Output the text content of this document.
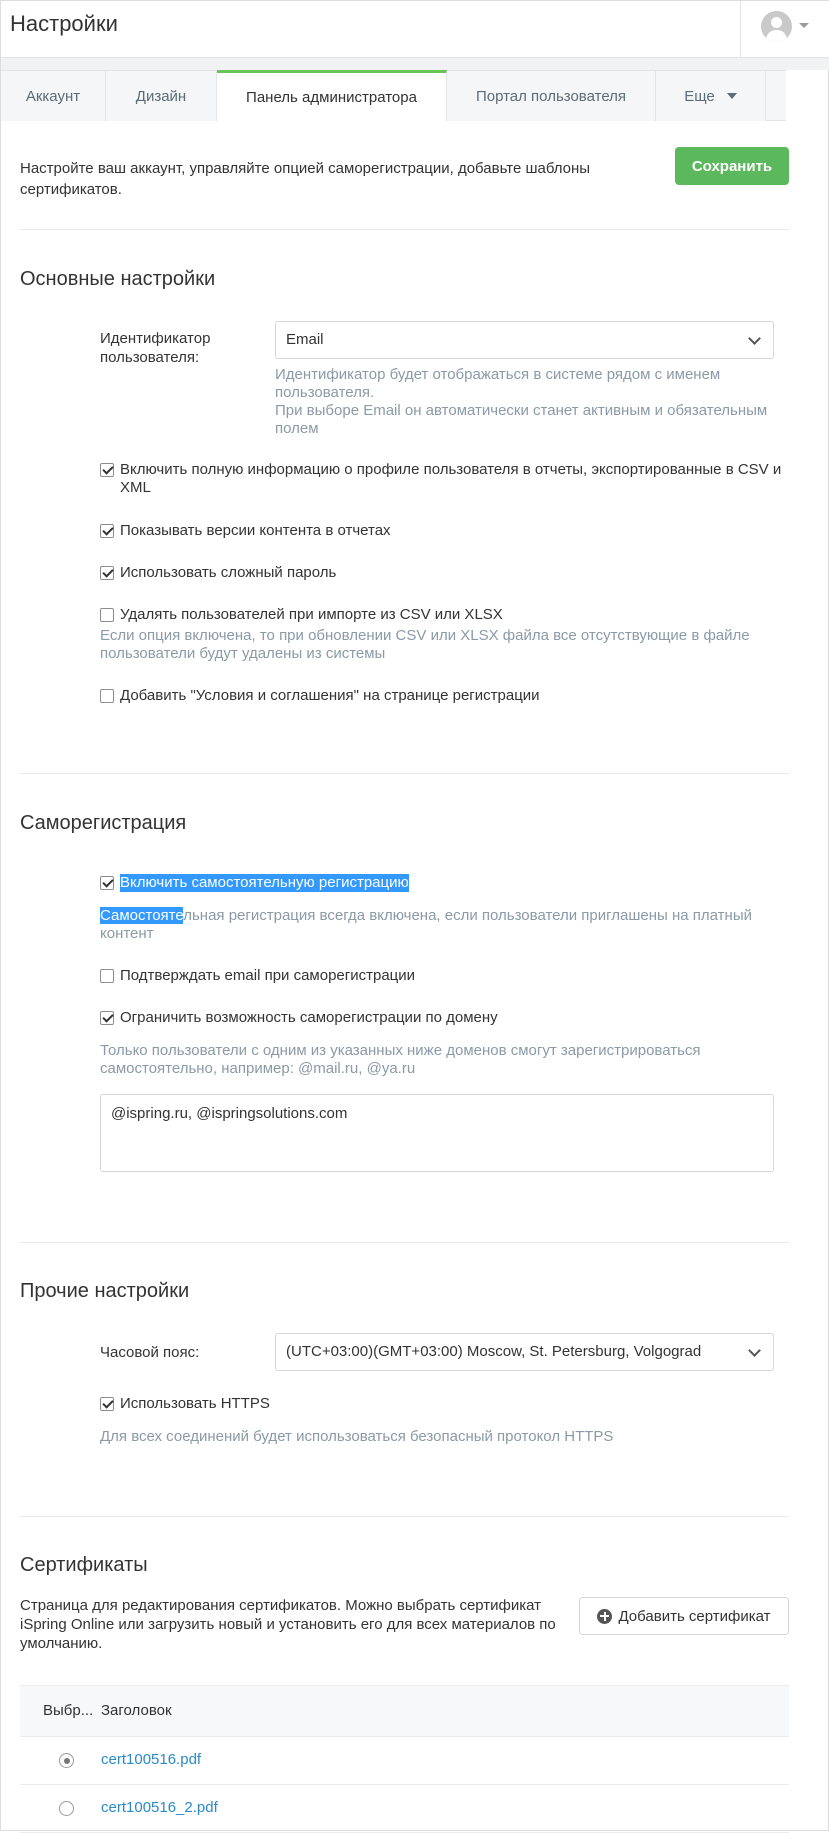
Настройки
Аккаунт	Дизайн	Панель администратора	Портал пользователя	Еще
Настройте ваш аккаунт, управляйте опцией саморегистрации, добавьте шаблоны сертификатов.
Сохранить
Основные настройки
Идентификатор пользователя:
Email
Идентификатор будет отображаться в системе рядом с именем пользователя.
При выборе Email он автоматически станет активным и обязательным полем
Включить полную информацию о профиле пользователя в отчеты, экспортированные в CSV и XML
Показывать версии контента в отчетах
Использовать сложный пароль
Удалять пользователей при импорте из CSV или XLSX
Если опция включена, то при обновлении CSV или XLSX файла все отсутствующие в файле пользователи будут удалены из системы
Добавить "Условия и соглашения" на странице регистрации
Саморегистрация
Включить самостоятельную регистрацию
Самостоятельная регистрация всегда включена, если пользователи приглашены на платный контент
Подтверждать email при саморегистрации
Ограничить возможность саморегистрации по домену
Только пользователи с одним из указанных ниже доменов смогут зарегистрироваться самостоятельно, например: @mail.ru, @ya.ru
@ispring.ru, @ispringsolutions.com
Прочие настройки
Часовой пояс:	(UTC+03:00)(GMT+03:00) Moscow, St. Petersburg, Volgograd
Использовать HTTPS
Для всех соединений будет использоваться безопасный протокол HTTPS
Сертификаты
Страница для редактирования сертификатов. Можно выбрать сертификат iSpring Online или загрузить новый и установить его для всех материалов по умолчанию.
Добавить сертификат
Выбр... Заголовок
cert100516.pdf
cert100516_2.pdf
